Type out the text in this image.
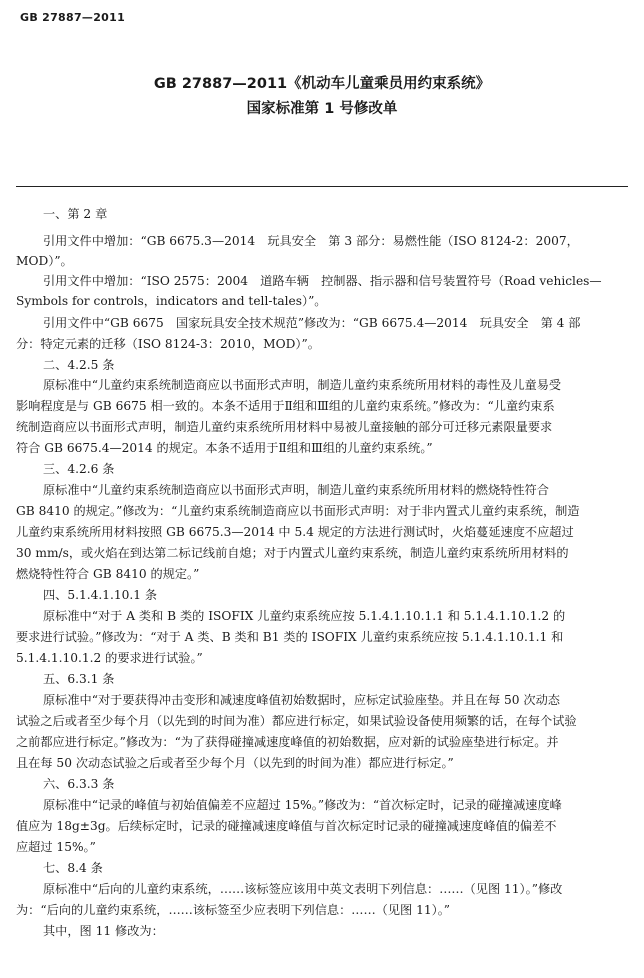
GB 27887—2011
GB 27887—2011《机动车儿童乘员用约束系统》
国家标准第 1 号修改单
一、第 2 章
引用文件中增加：“GB 6675.3—2014　玩具安全　第 3 部分：易燃性能（ISO 8124-2：2007，
MOD）”。
引用文件中增加：“ISO 2575：2004　道路车辆　控制器、指示器和信号装置符号（Road vehicles—
Symbols for controls，indicators and tell-tales）”。
引用文件中“GB 6675　国家玩具安全技术规范”修改为：“GB 6675.4—2014　玩具安全　第 4 部
分：特定元素的迁移（ISO 8124-3：2010，MOD）”。
二、4.2.5 条
原标准中“儿童约束系统制造商应以书面形式声明，制造儿童约束系统所用材料的毒性及儿童易受
影响程度是与 GB 6675 相一致的。本条不适用于Ⅱ组和Ⅲ组的儿童约束系统。”修改为：“儿童约束系
统制造商应以书面形式声明，制造儿童约束系统所用材料中易被儿童接触的部分可迁移元素限量要求
符合 GB 6675.4—2014 的规定。本条不适用于Ⅱ组和Ⅲ组的儿童约束系统。”
三、4.2.6 条
原标准中“儿童约束系统制造商应以书面形式声明，制造儿童约束系统所用材料的燃烧特性符合
GB 8410 的规定。”修改为：“儿童约束系统制造商应以书面形式声明：对于非内置式儿童约束系统，制造
儿童约束系统所用材料按照 GB 6675.3—2014 中 5.4 规定的方法进行测试时，火焰蔓延速度不应超过
30 mm/s，或火焰在到达第二标记线前自熄；对于内置式儿童约束系统，制造儿童约束系统所用材料的
燃烧特性符合 GB 8410 的规定。”
四、5.1.4.1.10.1 条
原标准中“对于 A 类和 B 类的 ISOFIX 儿童约束系统应按 5.1.4.1.10.1.1 和 5.1.4.1.10.1.2 的
要求进行试验。”修改为：“对于 A 类、B 类和 B1 类的 ISOFIX 儿童约束系统应按 5.1.4.1.10.1.1 和
5.1.4.1.10.1.2 的要求进行试验。”
五、6.3.1 条
原标准中“对于要获得冲击变形和减速度峰值初始数据时，应标定试验座垫。并且在每 50 次动态
试验之后或者至少每个月（以先到的时间为准）都应进行标定，如果试验设备使用频繁的话，在每个试验
之前都应进行标定。”修改为：“为了获得碰撞减速度峰值的初始数据，应对新的试验座垫进行标定。并
且在每 50 次动态试验之后或者至少每个月（以先到的时间为准）都应进行标定。”
六、6.3.3 条
原标准中“记录的峰值与初始值偏差不应超过 15%。”修改为：“首次标定时，记录的碰撞减速度峰
值应为 18g±3g。后续标定时，记录的碰撞减速度峰值与首次标定时记录的碰撞减速度峰值的偏差不
应超过 15%。”
七、8.4 条
原标准中“后向的儿童约束系统，……该标签应该用中英文表明下列信息：……（见图 11）。”修改
为：“后向的儿童约束系统，……该标签至少应表明下列信息：……（见图 11）。”
其中，图 11 修改为：
